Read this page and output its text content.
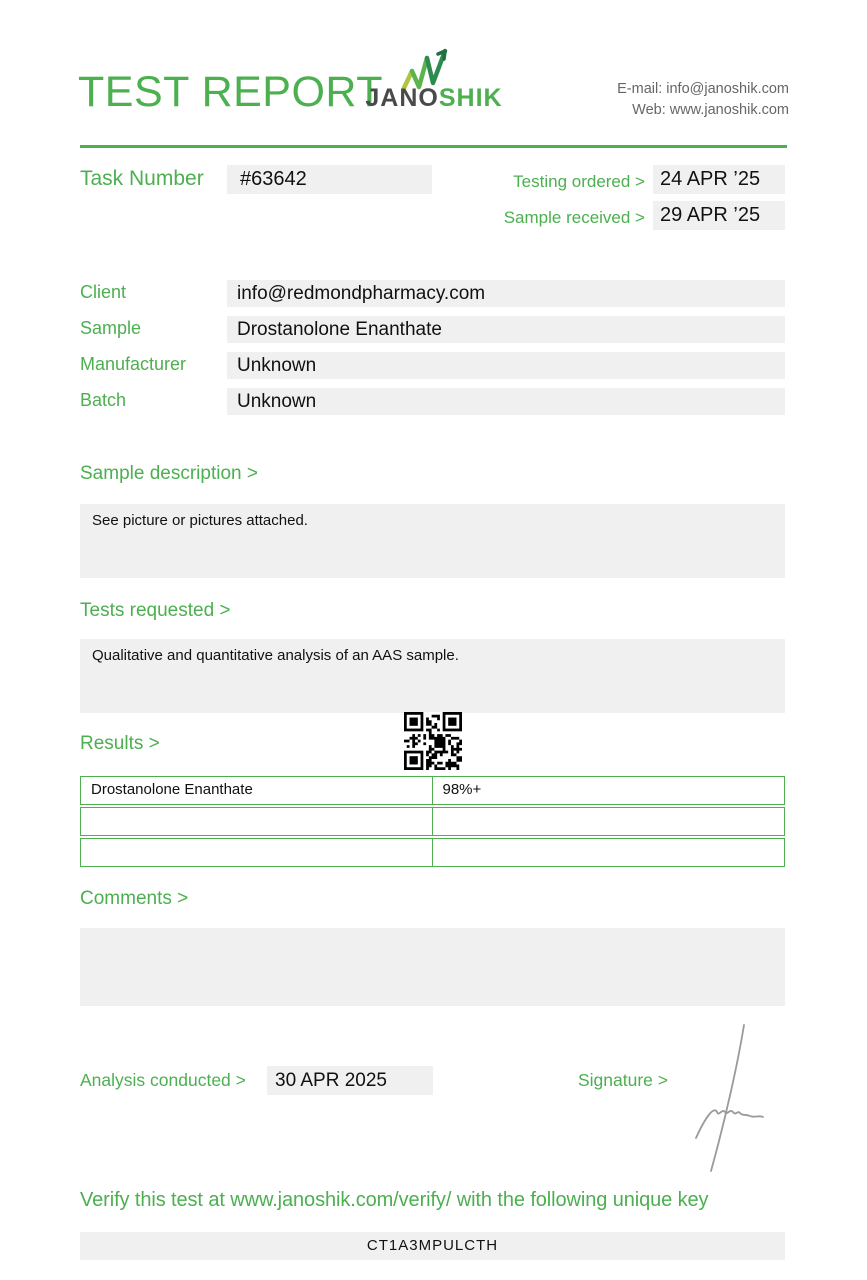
TEST REPORT
JANOSHIK	E-mail: info@janoshik.com
Web: www.janoshik.com
Task Number	#63642	Testing ordered > 24 APR ’25
Sample received > 29 APR ’25
Client	info@redmondpharmacy.com
Sample	Drostanolone Enanthate
Manufacturer	Unknown
Batch	Unknown
Sample description >
See picture or pictures attached.
Tests requested >
Qualitative and quantitative analysis of an AAS sample.
Results >
Drostanolone Enanthate	98%+
Comments >
Analysis conducted >	30 APR 2025	Signature >
Verify this test at www.janoshik.com/verify/ with the following unique key
CT1A3MPULCTH
